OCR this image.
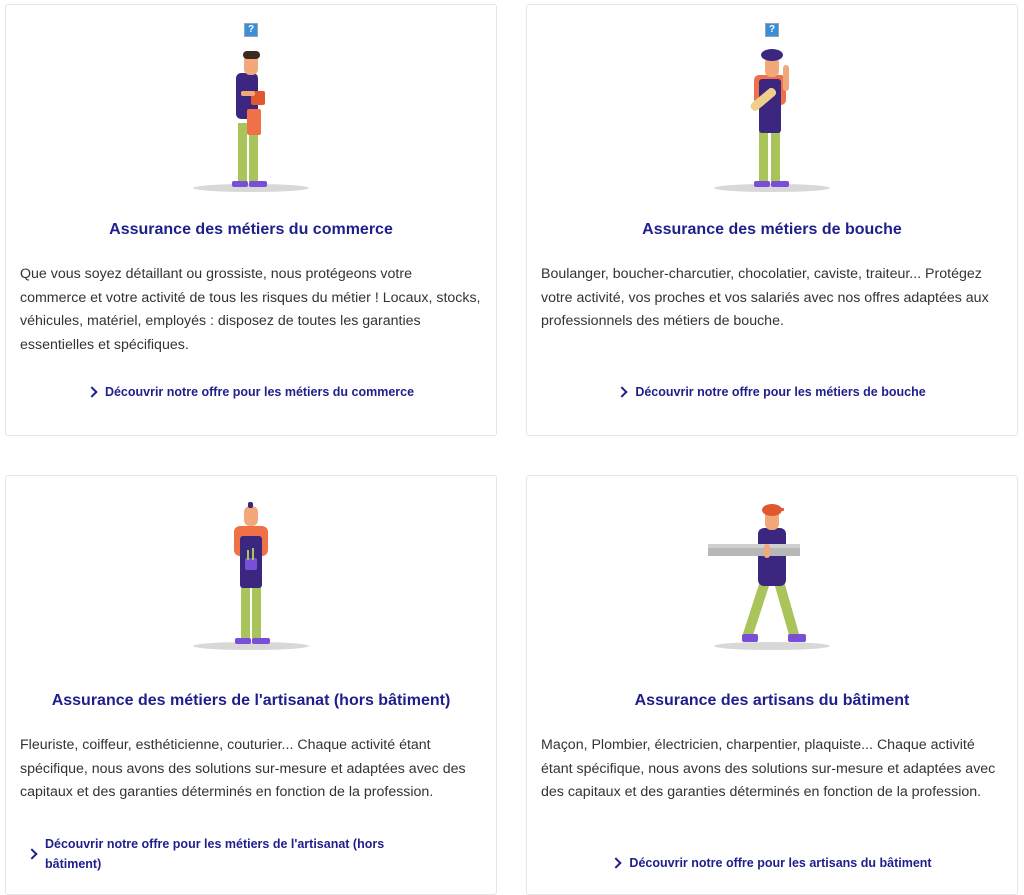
?
Assurance des métiers du commerce

Que vous soyez détaillant ou grossiste, nous protégeons votre commerce et votre activité de tous les risques du métier ! Locaux, stocks, véhicules, matériel, employés : disposez de toutes les garanties essentielles et spécifiques.

Découvrir notre offre pour les métiers du commerce
?
Assurance des métiers de bouche

Boulanger, boucher-charcutier, chocolatier, caviste, traiteur... Protégez votre activité, vos proches et vos salariés avec nos offres adaptées aux professionnels des métiers de bouche.

Découvrir notre offre pour les métiers de bouche
Assurance des métiers de l'artisanat (hors bâtiment)

Fleuriste, coiffeur, esthéticienne, couturier... Chaque activité étant spécifique, nous avons des solutions sur-mesure et adaptées avec des capitaux et des garanties déterminés en fonction de la profession.

Découvrir notre offre pour les métiers de l'artisanat (hors bâtiment)
Assurance des artisans du bâtiment

Maçon, Plombier, électricien, charpentier, plaquiste... Chaque activité étant spécifique, nous avons des solutions sur-mesure et adaptées avec des capitaux et des garanties déterminés en fonction de la profession.

Découvrir notre offre pour les artisans du bâtiment
